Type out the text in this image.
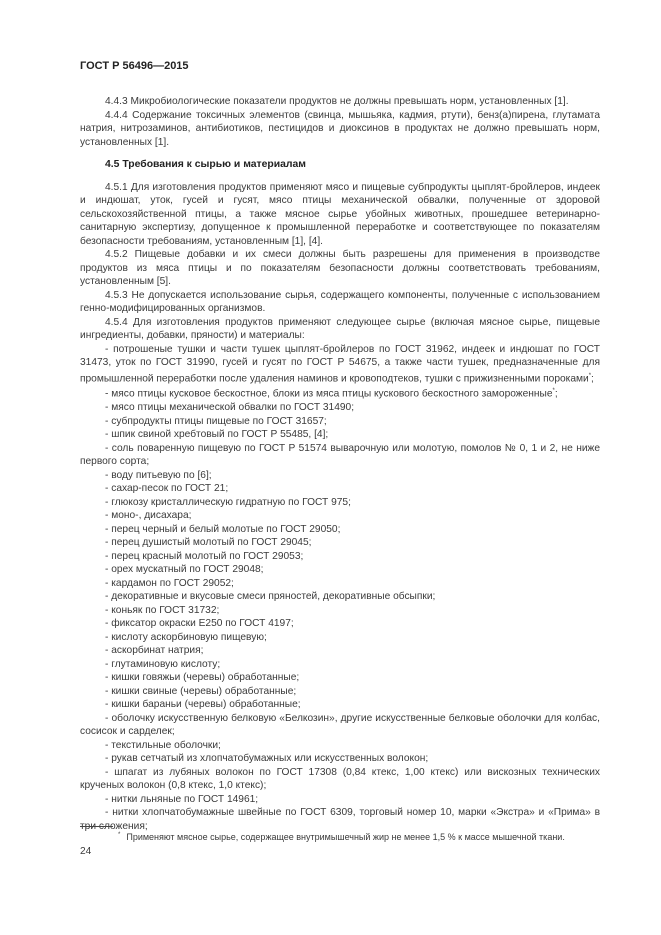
ГОСТ Р 56496—2015

4.4.3 Микробиологические показатели продуктов не должны превышать норм, установленных [1].

4.4.4 Содержание токсичных элементов (свинца, мышьяка, кадмия, ртути), бенз(а)пирена, глутамата натрия, нитрозаминов, антибиотиков, пестицидов и диоксинов в продуктах не должно превышать норм, установленных [1].

4.5 Требования к сырью и материалам

4.5.1 Для изготовления продуктов применяют мясо и пищевые субпродукты цыплят-бройлеров, индеек и индюшат, уток, гусей и гусят, мясо птицы механической обвалки, полученные от здоровой сельскохозяйственной птицы, а также мясное сырье убойных животных, прошедшее ветеринарно-санитарную экспертизу, допущенное к промышленной переработке и соответствующее по показателям безопасности требованиям, установленным [1], [4].

4.5.2 Пищевые добавки и их смеси должны быть разрешены для применения в производстве продуктов из мяса птицы и по показателям безопасности должны соответствовать требованиям, установленным [5].

4.5.3 Не допускается использование сырья, содержащего компоненты, полученные с использованием генно-модифицированных организмов.

4.5.4 Для изготовления продуктов применяют следующее сырье (включая мясное сырье, пищевые ингредиенты, добавки, пряности) и материалы:

- потрошеные тушки и части тушек цыплят-бройлеров по ГОСТ 31962, индеек и индюшат по ГОСТ 31473, уток по ГОСТ 31990, гусей и гусят по ГОСТ Р 54675, а также части тушек, предназначенные для промышленной переработки после удаления наминов и кровоподтеков, тушки с прижизненными пороками*;

- мясо птицы кусковое бескостное, блоки из мяса птицы кускового бескостного замороженные*;

- мясо птицы механической обвалки по ГОСТ 31490;

- субпродукты птицы пищевые по ГОСТ 31657;

- шпик свиной хребтовый по ГОСТ Р 55485, [4];

- соль поваренную пищевую по ГОСТ Р 51574 выварочную или молотую, помолов № 0, 1 и 2, не ниже первого сорта;

- воду питьевую по [6];

- сахар-песок по ГОСТ 21;

- глюкозу кристаллическую гидратную по ГОСТ 975;

- моно-, дисахара;

- перец черный и белый молотые по ГОСТ 29050;

- перец душистый молотый по ГОСТ 29045;

- перец красный молотый по ГОСТ 29053;

- орех мускатный по ГОСТ 29048;

- кардамон по ГОСТ 29052;

- декоративные и вкусовые смеси пряностей, декоративные обсыпки;

- коньяк по ГОСТ 31732;

- фиксатор окраски Е250 по ГОСТ 4197;

- кислоту аскорбиновую пищевую;

- аскорбинат натрия;

- глутаминовую кислоту;

- кишки говяжьи (черевы) обработанные;

- кишки свиные (черевы) обработанные;

- кишки бараньи (черевы) обработанные;

- оболочку искусственную белковую «Белкозин», другие искусственные белковые оболочки для колбас, сосисок и сарделек;

- текстильные оболочки;

- рукав сетчатый из хлопчатобумажных или искусственных волокон;

- шпагат из лубяных волокон по ГОСТ 17308 (0,84 ктекс, 1,00 ктекс) или вискозных технических крученых волокон (0,8 ктекс, 1,0 ктекс);

- нитки льняные по ГОСТ 14961;

- нитки хлопчатобумажные швейные по ГОСТ 6309, торговый номер 10, марки «Экстра» и «Прима» в три сложения;

* Применяют мясное сырье, содержащее внутримышечный жир не менее 1,5 % к массе мышечной ткани.
24
